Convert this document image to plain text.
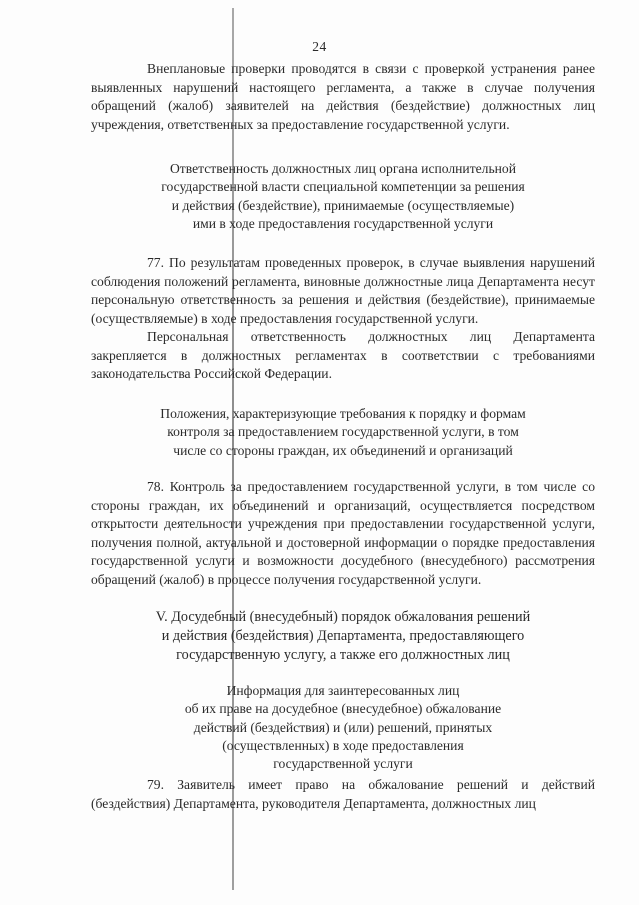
24

Внеплановые проверки проводятся в связи с проверкой устранения ранее выявленных нарушений настоящего регламента, а также в случае получения обращений (жалоб) заявителей на действия (бездействие) должностных лиц учреждения, ответственных за предоставление государственной услуги.

Ответственность должностных лиц органа исполнительной
государственной власти специальной компетенции за решения
и действия (бездействие), принимаемые (осуществляемые)
ими в ходе предоставления государственной услуги

77. По результатам проведенных проверок, в случае выявления нарушений соблюдения положений регламента, виновные должностные лица Департамента несут персональную ответственность за решения и действия (бездействие), принимаемые (осуществляемые) в ходе предоставления государственной услуги.

Персональная ответственность должностных лиц Департамента закрепляется в должностных регламентах в соответствии с требованиями законодательства Российской Федерации.

Положения, характеризующие требования к порядку и формам
контроля за предоставлением государственной услуги, в том
числе со стороны граждан, их объединений и организаций

78. Контроль за предоставлением государственной услуги, в том числе со стороны граждан, их объединений и организаций, осуществляется посредством открытости деятельности учреждения при предоставлении государственной услуги, получения полной, актуальной и достоверной информации о порядке предоставления государственной услуги и возможности досудебного (внесудебного) рассмотрения обращений (жалоб) в процессе получения государственной услуги.

V. Досудебный (внесудебный) порядок обжалования решений
и действия (бездействия) Департамента, предоставляющего
государственную услугу, а также его должностных лиц
Информация для заинтересованных лиц
об их праве на досудебное (внесудебное) обжалование
действий (бездействия) и (или) решений, принятых
(осуществленных) в ходе предоставления
государственной услуги

79. Заявитель имеет право на обжалование решений и действий (бездействия) Департамента, руководителя Департамента, должностных лиц
